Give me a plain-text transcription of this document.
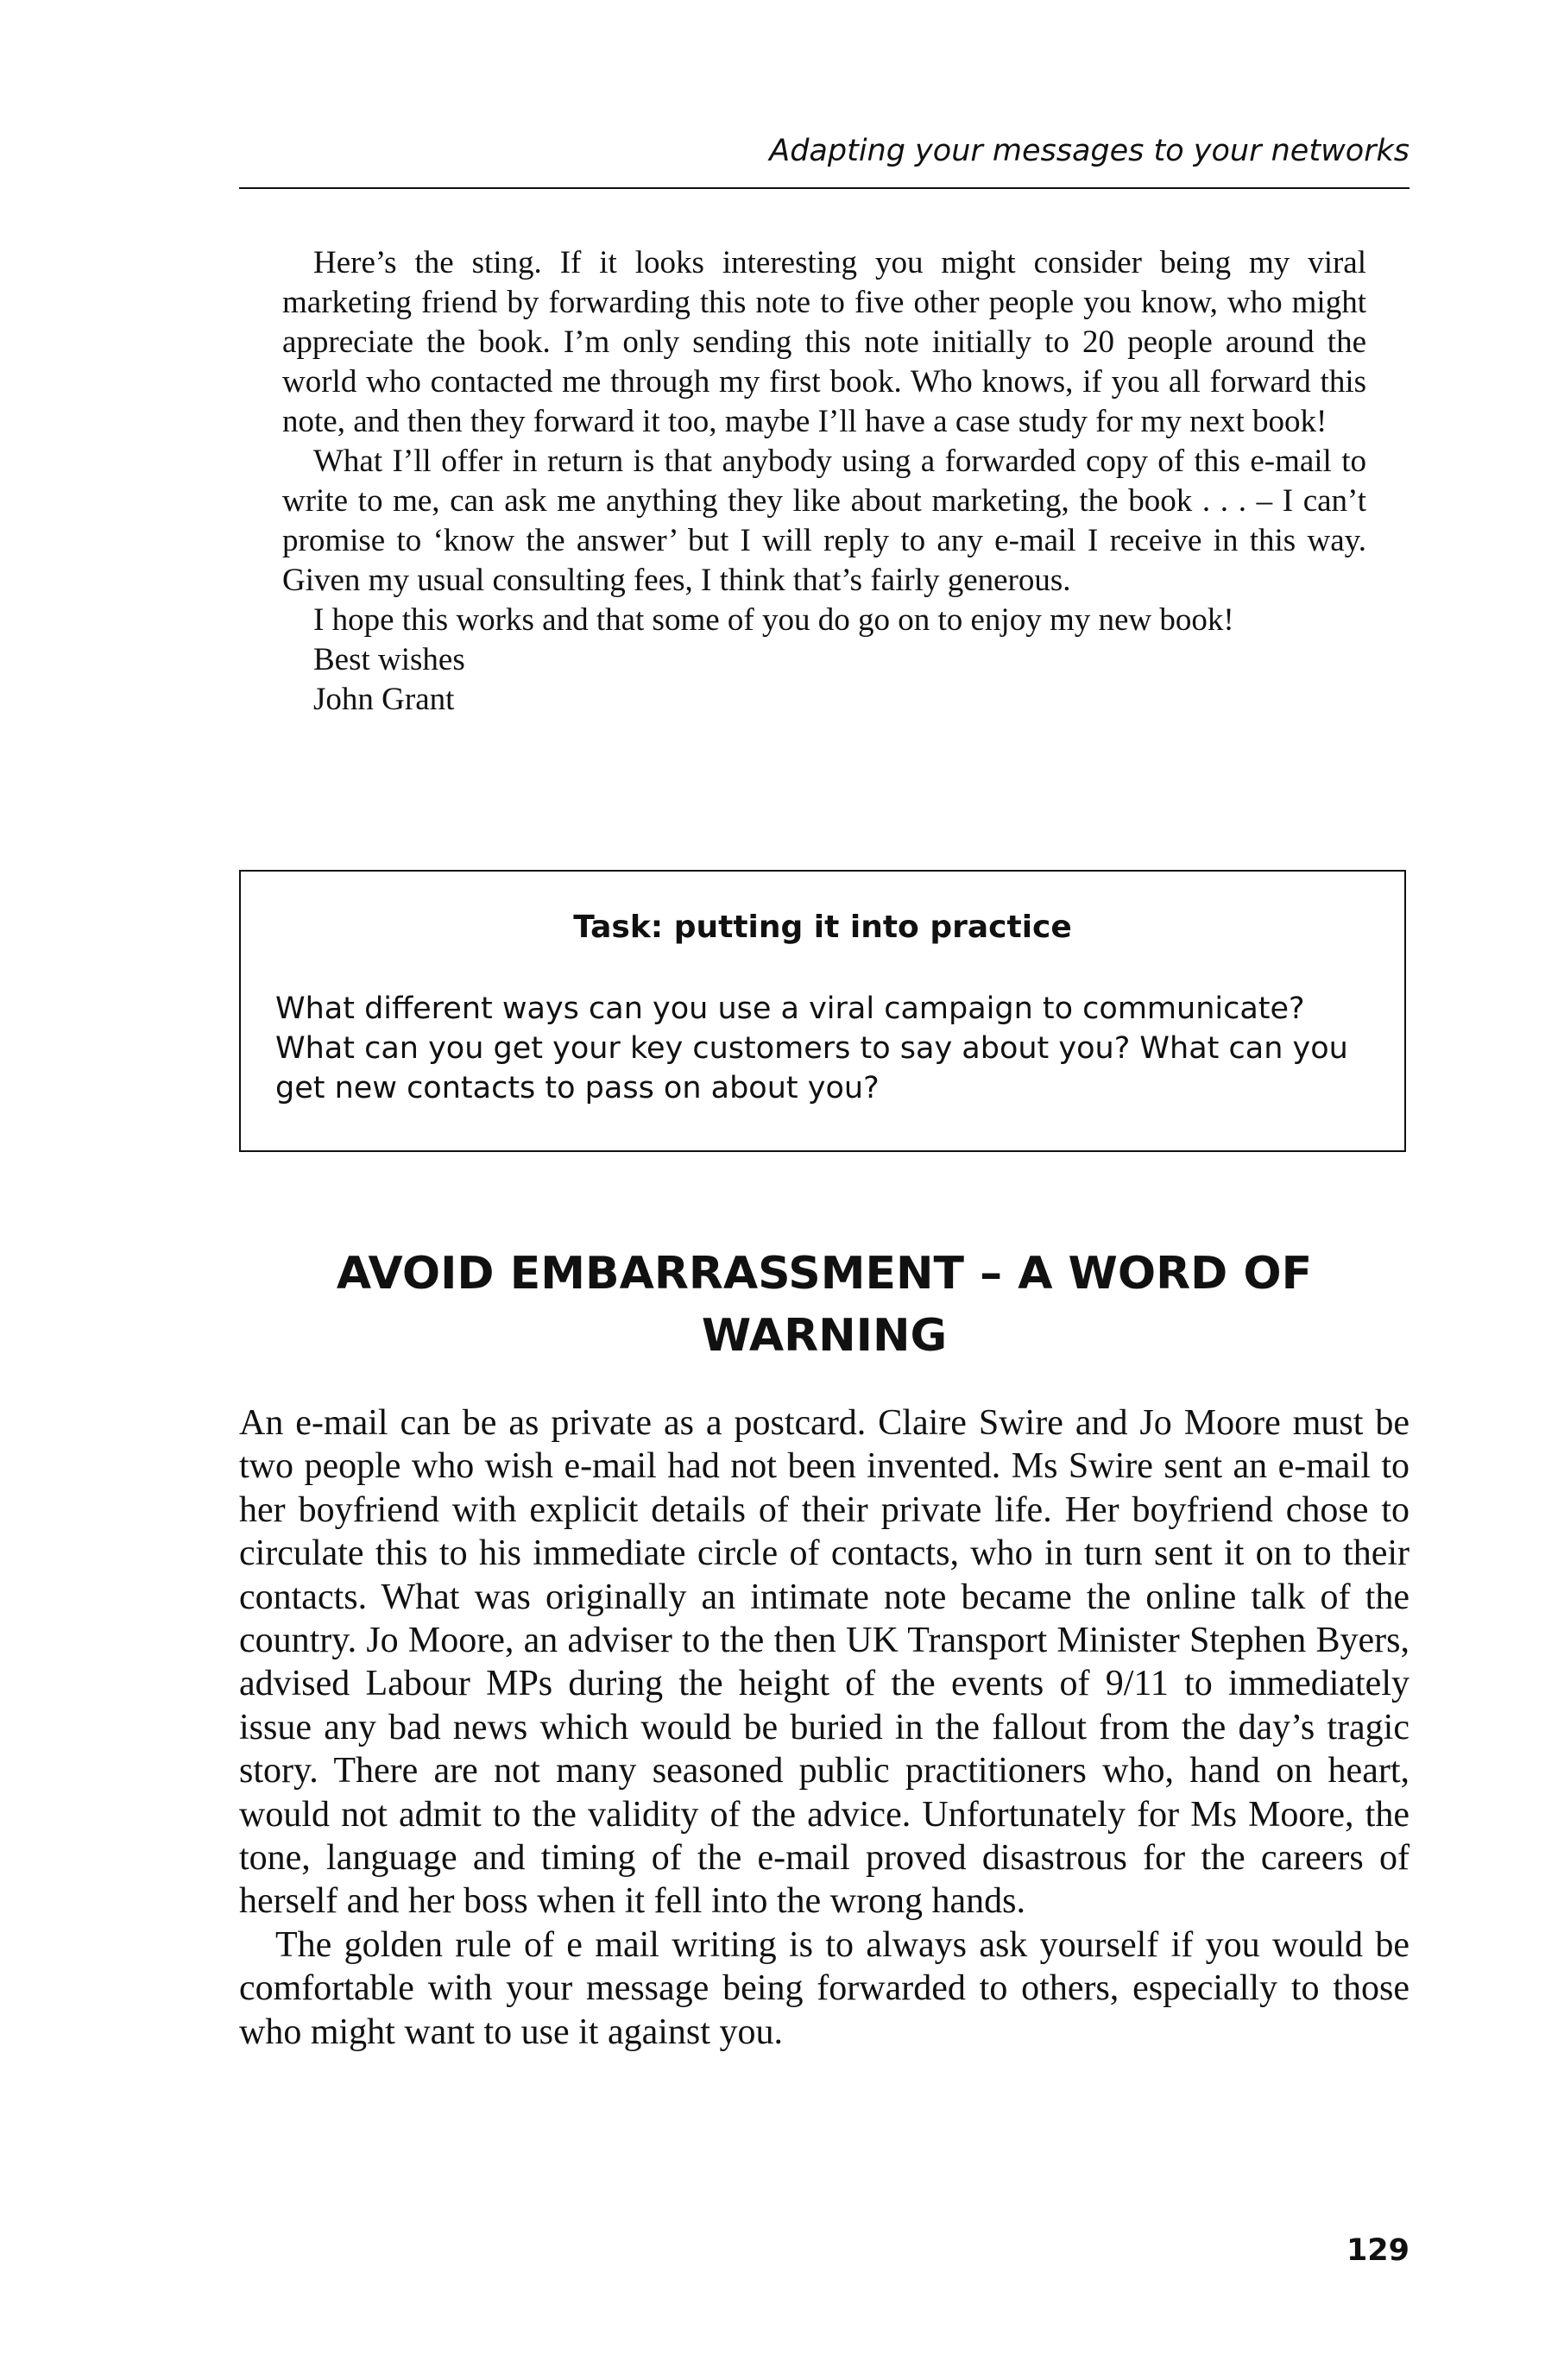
Adapting your messages to your networks

Here’s the sting. If it looks interesting you might consider being my viral marketing friend by forwarding this note to five other people you know, who might appreciate the book. I’m only sending this note initially to 20 people around the world who contacted me through my first book. Who knows, if you all forward this note, and then they forward it too, maybe I’ll have a case study for my next book!

What I’ll offer in return is that anybody using a forwarded copy of this e-mail to write to me, can ask me anything they like about marketing, the book . . . – I can’t promise to ‘know the answer’ but I will reply to any e-mail I receive in this way. Given my usual consulting fees, I think that’s fairly generous.

I hope this works and that some of you do go on to enjoy my new book!

Best wishes

John Grant

Task: putting it into practice

What different ways can you use a viral campaign to communicate? What can you get your key customers to say about you? What can you get new contacts to pass on about you?

AVOID EMBARRASSMENT – A WORD OF WARNING

An e-mail can be as private as a postcard. Claire Swire and Jo Moore must be two people who wish e-mail had not been invented. Ms Swire sent an e-mail to her boyfriend with explicit details of their private life. Her boyfriend chose to circulate this to his immediate circle of contacts, who in turn sent it on to their contacts. What was originally an intimate note became the online talk of the country. Jo Moore, an adviser to the then UK Transport Minister Stephen Byers, advised Labour MPs during the height of the events of 9/11 to immediately issue any bad news which would be buried in the fallout from the day’s tragic story. There are not many seasoned public practitioners who, hand on heart, would not admit to the validity of the advice. Unfortunately for Ms Moore, the tone, language and timing of the e-mail proved disastrous for the careers of herself and her boss when it fell into the wrong hands.

The golden rule of e mail writing is to always ask yourself if you would be comfortable with your message being forwarded to others, especially to those who might want to use it against you.

129
